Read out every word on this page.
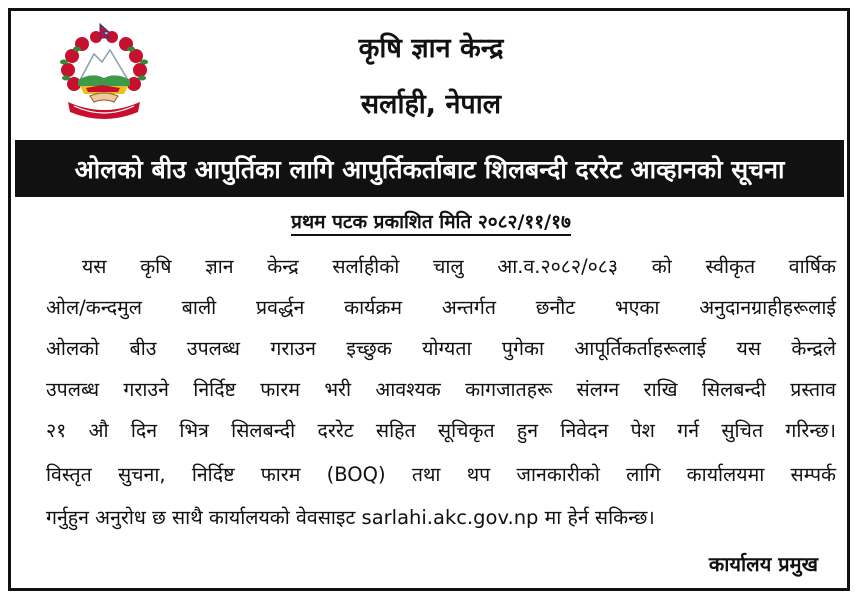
कृषि ज्ञान केन्द्र
सर्लाही, नेपाल
ओलको बीउ आपुर्तिका लागि आपुर्तिकर्ताबाट शिलबन्दी दररेट आव्हानको सूचना
प्रथम पटक प्रकाशित मिति २०८२/११/१७
यस कृषि ज्ञान केन्द्र सर्लाहीको चालु आ.व.२०८२/०८३ को स्वीकृत वार्षिक
ओल/कन्दमुल बाली प्रवर्द्धन कार्यक्रम अन्तर्गत छनौट भएका अनुदानग्राहीहरूलाई
ओलको बीउ उपलब्ध गराउन इच्छुक योग्यता पुगेका आपूर्तिकर्ताहरूलाई यस केन्द्रले
उपलब्ध गराउने निर्दिष्ट फारम भरी आवश्यक कागजातहरू संलग्न राखि सिलबन्दी प्रस्ताव
२१ औ दिन भित्र सिलबन्दी दररेट सहित सूचिकृत हुन निवेदन पेश गर्न सुचित गरिन्छ।
विस्तृत सुचना, निर्दिष्ट फारम (BOQ) तथा थप जानकारीको लागि कार्यालयमा सम्पर्क
गर्नुहुन अनुरोध छ साथै कार्यालयको वेवसाइट sarlahi.akc.gov.np मा हेर्न सकिन्छ।
कार्यालय प्रमुख
